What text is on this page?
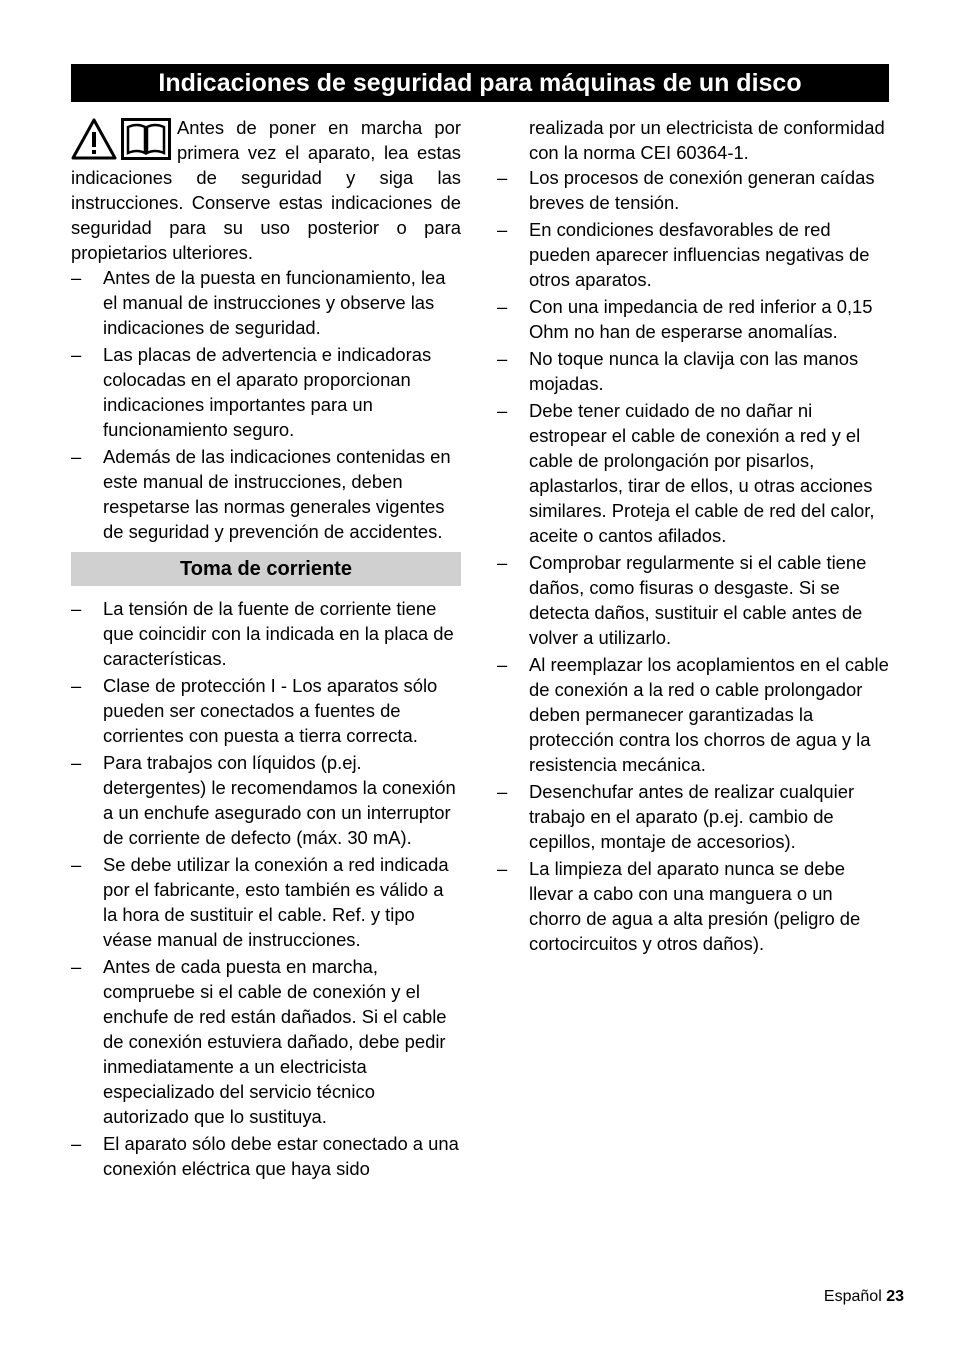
Indicaciones de seguridad para máquinas de un disco

Antes de poner en marcha por primera vez el aparato, lea estas indicaciones de seguridad y siga las instrucciones. Conserve estas indicaciones de seguridad para su uso posterior o para propietarios ulteriores.

– Antes de la puesta en funcionamiento, lea el manual de instrucciones y observe las indicaciones de seguridad.
– Las placas de advertencia e indicadoras colocadas en el aparato proporcionan indicaciones importantes para un funcionamiento seguro.
– Además de las indicaciones contenidas en este manual de instrucciones, deben respetarse las normas generales vigentes de seguridad y prevención de accidentes.
Toma de corriente
– La tensión de la fuente de corriente tiene que coincidir con la indicada en la placa de características.
– Clase de protección I - Los aparatos sólo pueden ser conectados a fuentes de corrientes con puesta a tierra correcta.
– Para trabajos con líquidos (p.ej. detergentes) le recomendamos la conexión a un enchufe asegurado con un interruptor de corriente de defecto (máx. 30 mA).
– Se debe utilizar la conexión a red indicada por el fabricante, esto también es válido a la hora de sustituir el cable. Ref. y tipo véase manual de instrucciones.
– Antes de cada puesta en marcha, compruebe si el cable de conexión y el enchufe de red están dañados. Si el cable de conexión estuviera dañado, debe pedir inmediatamente a un electricista especializado del servicio técnico autorizado que lo sustituya.
– El aparato sólo debe estar conectado a una conexión eléctrica que haya sido
realizada por un electricista de conformidad con la norma CEI 60364-1.
– Los procesos de conexión generan caídas breves de tensión.
– En condiciones desfavorables de red pueden aparecer influencias negativas de otros aparatos.
– Con una impedancia de red inferior a 0,15 Ohm no han de esperarse anomalías.
– No toque nunca la clavija con las manos mojadas.
– Debe tener cuidado de no dañar ni estropear el cable de conexión a red y el cable de prolongación por pisarlos, aplastarlos, tirar de ellos, u otras acciones similares. Proteja el cable de red del calor, aceite o cantos afilados.
– Comprobar regularmente si el cable tiene daños, como fisuras o desgaste. Si se detecta daños, sustituir el cable antes de volver a utilizarlo.
– Al reemplazar los acoplamientos en el cable de conexión a la red o cable prolongador deben permanecer garantizadas la protección contra los chorros de agua y la resistencia mecánica.
– Desenchufar antes de realizar cualquier trabajo en el aparato (p.ej. cambio de cepillos, montaje de accesorios).
– La limpieza del aparato nunca se debe llevar a cabo con una manguera o un chorro de agua a alta presión (peligro de cortocircuitos y otros daños).
Español 23
